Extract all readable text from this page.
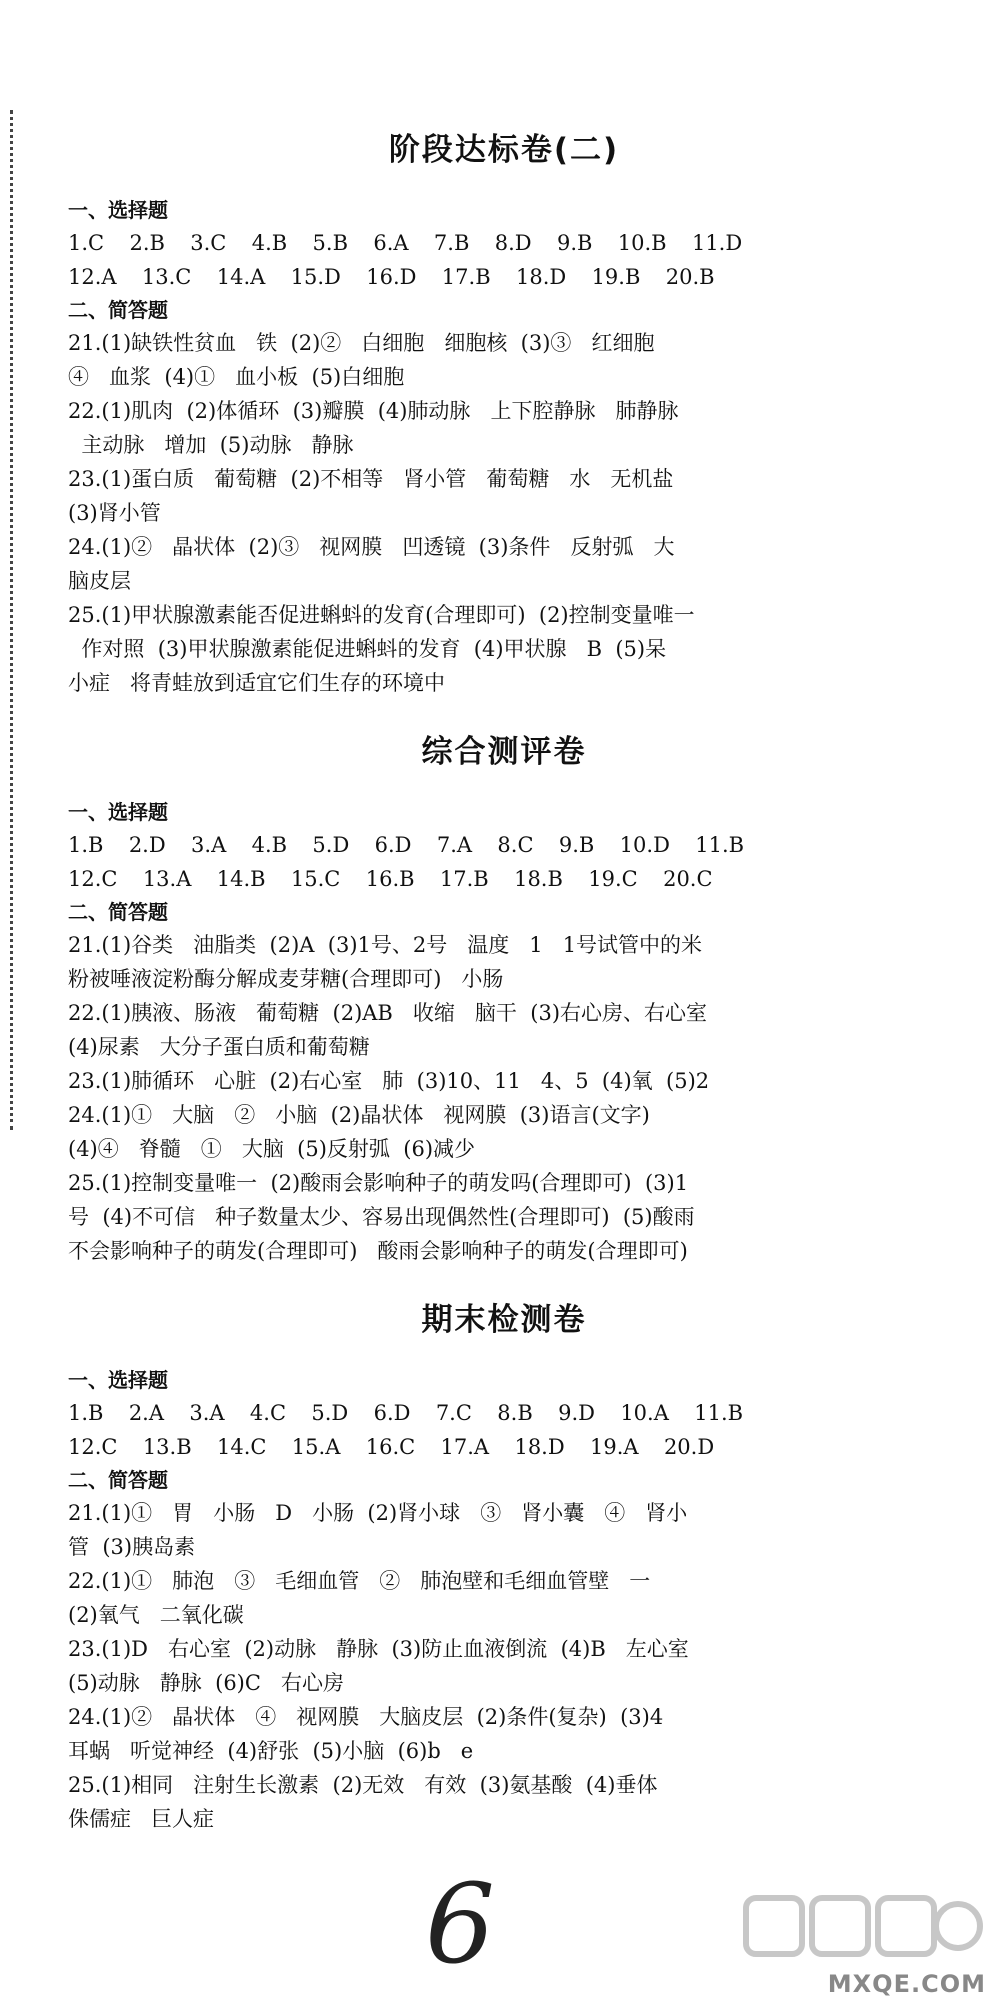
阶段达标卷(二)
一、选择题
1.C  2.B  3.C  4.B  5.B  6.A  7.B  8.D  9.B  10.B  11.D
12.A  13.C  14.A  15.D  16.D  17.B  18.D  19.B  20.B
二、简答题
21.(1)缺铁性贫血   铁  (2)②   白细胞   细胞核  (3)③   红细胞
④   血浆  (4)①   血小板  (5)白细胞
22.(1)肌肉  (2)体循环  (3)瓣膜  (4)肺动脉   上下腔静脉   肺静脉
主动脉   增加  (5)动脉   静脉
23.(1)蛋白质   葡萄糖  (2)不相等   肾小管   葡萄糖   水   无机盐
(3)肾小管
24.(1)②   晶状体  (2)③   视网膜   凹透镜  (3)条件   反射弧   大
脑皮层
25.(1)甲状腺激素能否促进蝌蚪的发育(合理即可)  (2)控制变量唯一
作对照  (3)甲状腺激素能促进蝌蚪的发育  (4)甲状腺   B  (5)呆
小症   将青蛙放到适宜它们生存的环境中
综合测评卷
一、选择题
1.B  2.D  3.A  4.B  5.D  6.D  7.A  8.C  9.B  10.D  11.B
12.C  13.A  14.B  15.C  16.B  17.B  18.B  19.C  20.C
二、简答题
21.(1)谷类   油脂类  (2)A  (3)1号、2号   温度   1   1号试管中的米
粉被唾液淀粉酶分解成麦芽糖(合理即可)   小肠
22.(1)胰液、肠液   葡萄糖  (2)AB   收缩   脑干  (3)右心房、右心室
(4)尿素   大分子蛋白质和葡萄糖
23.(1)肺循环   心脏  (2)右心室   肺  (3)10、11   4、5  (4)氧  (5)2
24.(1)①   大脑   ②   小脑  (2)晶状体   视网膜  (3)语言(文字)
(4)④   脊髓   ①   大脑  (5)反射弧  (6)减少
25.(1)控制变量唯一  (2)酸雨会影响种子的萌发吗(合理即可)  (3)1
号  (4)不可信   种子数量太少、容易出现偶然性(合理即可)  (5)酸雨
不会影响种子的萌发(合理即可)   酸雨会影响种子的萌发(合理即可)
期末检测卷
一、选择题
1.B  2.A  3.A  4.C  5.D  6.D  7.C  8.B  9.D  10.A  11.B
12.C  13.B  14.C  15.A  16.C  17.A  18.D  19.A  20.D
二、简答题
21.(1)①   胃   小肠   D   小肠  (2)肾小球   ③   肾小囊   ④   肾小
管  (3)胰岛素
22.(1)①   肺泡   ③   毛细血管   ②   肺泡壁和毛细血管壁   一
(2)氧气   二氧化碳
23.(1)D   右心室  (2)动脉   静脉  (3)防止血液倒流  (4)B   左心室
(5)动脉   静脉  (6)C   右心房
24.(1)②   晶状体   ④   视网膜   大脑皮层  (2)条件(复杂)  (3)4
耳蜗   听觉神经  (4)舒张  (5)小脑  (6)b   e
25.(1)相同   注射生长激素  (2)无效   有效  (3)氨基酸  (4)垂体
侏儒症   巨人症
6	MXQE.COM
